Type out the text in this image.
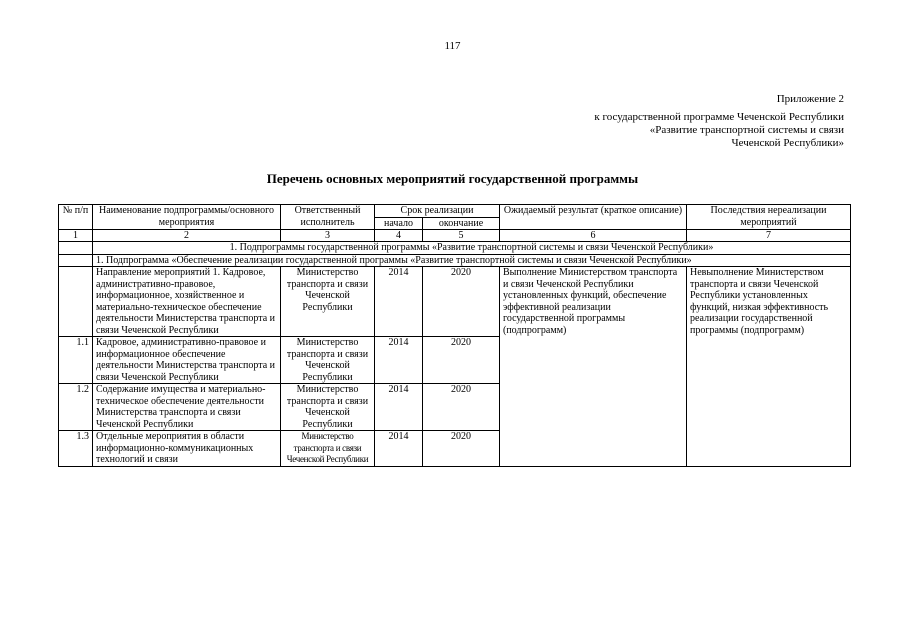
117
Приложение 2
к государственной программе Чеченской Республики
«Развитие транспортной системы и связи
Чеченской Республики»
Перечень основных мероприятий государственной программы
№ п/п	Наименование подпрограммы/основного мероприятия	Ответственный исполнитель	Срок реализации		Ожидаемый результат (краткое описание)	Последствия нереализации мероприятий
			начало	окончание		
1	2	3	4	5	6	7
	1. Подпрограммы государственной программы «Развитие транспортной системы и связи Чеченской Республики»					
	1. Подпрограмма «Обеспечение реализации государственной программы «Развитие транспортной системы и связи Чеченской Республики»					
	Направление мероприятий 1. Кадровое, административно-правовое, информационное, хозяйственное и материально-техническое обеспечение деятельности Министерства транспорта и связи Чеченской Республики	Министерство транспорта и связи Чеченской Республики	2014	2020	Выполнение Министерством транспорта и связи Чеченской Республики установленных функций, обеспечение эффективной реализации государственной программы (подпрограмм)	Невыполнение Министерством транспорта и связи Чеченской Республики установленных функций, низкая эффективность реализации государственной программы (подпрограмм)
1.1	Кадровое, административно-правовое и информационное обеспечение деятельности Министерства транспорта и связи Чеченской Республики	Министерство транспорта и связи Чеченской Республики	2014	2020		
1.2	Содержание имущества и материально-техническое обеспечение деятельности Министерства транспорта и связи Чеченской Республики	Министерство транспорта и связи Чеченской Республики	2014	2020		
1.3	Отдельные мероприятия в области информационно-коммуникационных технологий и связи	Министерство транспорта и связи Чеченской Республики	2014	2020		
